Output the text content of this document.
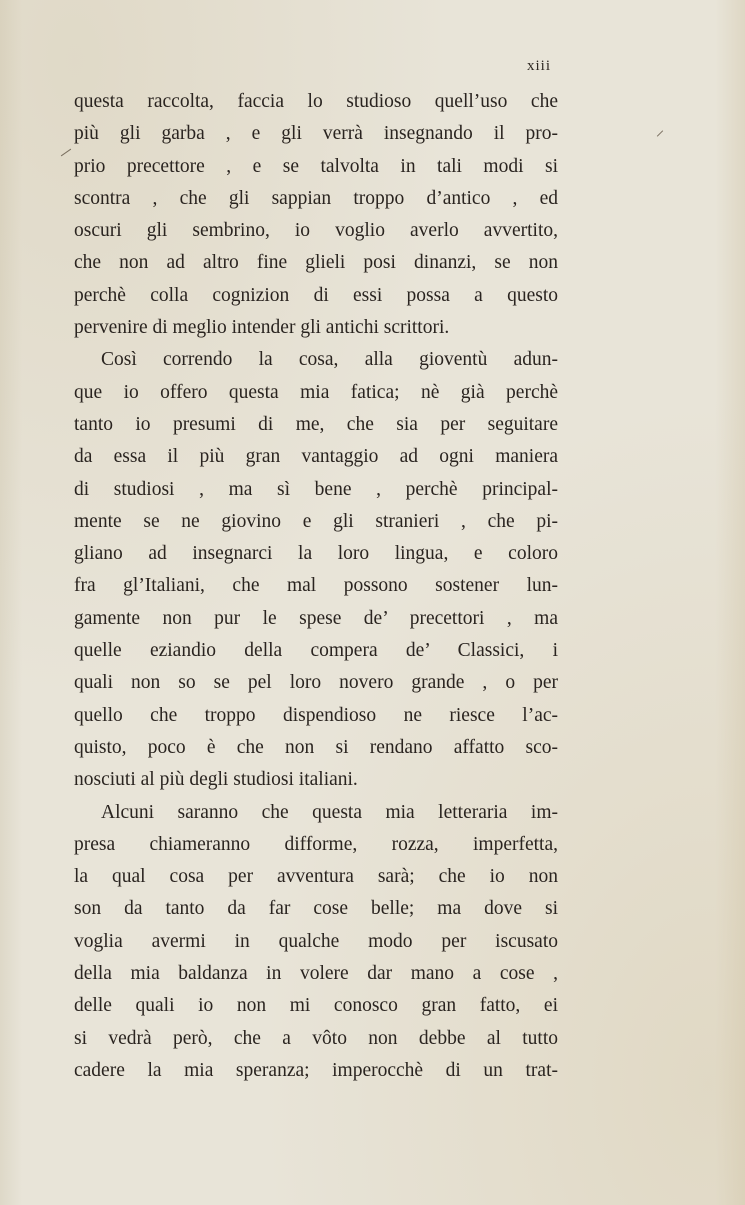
xiii
questa raccolta, faccia lo studioso quell’uso che
più gli garba , e gli verrà insegnando il pro-
prio precettore , e se talvolta in tali modi si
scontra , che gli sappian troppo d’antico , ed
oscuri gli sembrino, io voglio averlo avvertito,
che non ad altro fine glieli posi dinanzi, se non
perchè colla cognizion di essi possa a questo
pervenire di meglio intender gli antichi scrittori.
Così correndo la cosa, alla gioventù adun-
que io offero questa mia fatica; nè già perchè
tanto io presumi di me, che sia per seguitare
da essa il più gran vantaggio ad ogni maniera
di studiosi , ma sì bene , perchè principal-
mente se ne giovino e gli stranieri , che pi-
gliano ad insegnarci la loro lingua, e coloro
fra gl’Italiani, che mal possono sostener lun-
gamente non pur le spese de’ precettori , ma
quelle eziandio della compera de’ Classici, i
quali non so se pel loro novero grande , o per
quello che troppo dispendioso ne riesce l’ac-
quisto, poco è che non si rendano affatto sco-
nosciuti al più degli studiosi italiani.
Alcuni saranno che questa mia letteraria im-
presa chiameranno difforme, rozza, imperfetta,
la qual cosa per avventura sarà; che io non
son da tanto da far cose belle; ma dove si
voglia avermi in qualche modo per iscusato
della mia baldanza in volere dar mano a cose ,
delle quali io non mi conosco gran fatto, ei
si vedrà però, che a vôto non debbe al tutto
cadere la mia speranza; imperocchè di un trat-
